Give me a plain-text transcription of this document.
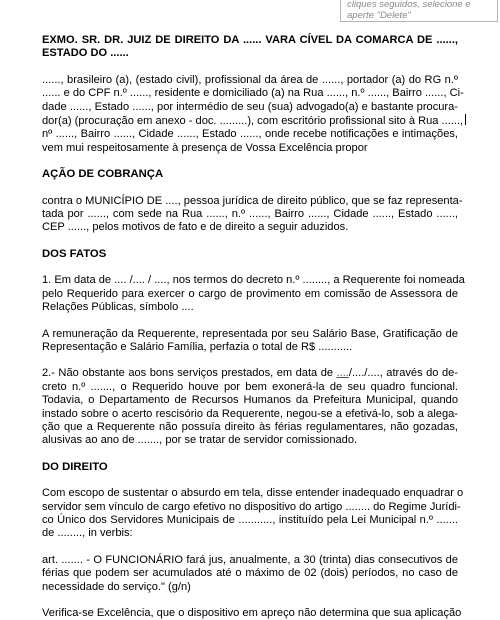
cliques seguidos, selecione e
aperte "Delete"
EXMO. SR. DR. JUIZ DE DIREITO DA ...... VARA CÍVEL DA COMARCA DE ......,
ESTADO DO ......
......, brasileiro (a), (estado civil), profissional da área de ......, portador (a) do RG n.º
...... e do CPF n.º ......, residente e domiciliado (a) na Rua ......, n.º ......, Bairro ......, Ci-
dade ......, Estado ......, por intermédio de seu (sua) advogado(a) e bastante procura-
dor(a) (procuração em anexo - doc. .........), com escritório profissional sito à Rua ......,
nº ......, Bairro ......, Cidade ......, Estado ......, onde recebe notificações e intimações,
vem mui respeitosamente à presença de Vossa Excelência propor

AÇÃO DE COBRANÇA

contra o MUNICÍPIO DE ...., pessoa jurídica de direito público, que se faz representa-
tada por ......, com sede na Rua ......, n.º ......, Bairro ......, Cidade ......, Estado ......,
CEP ......, pelos motivos de fato e de direito a seguir aduzidos.

DOS FATOS

1. Em data de .... /.... / ...., nos termos do decreto n.º ........, a Requerente foi nomeada
pelo Requerido para exercer o cargo de provimento em comissão de Assessora de
Relações Públicas, símbolo ....
A remuneração da Requerente, representada por seu Salário Base, Gratificação de
Representação e Salário Família, perfazia o total de R$ ...........
2.- Não obstante aos bons serviços prestados, em data de ..../..../...., através do de-
creto n.º ......., o Requerido houve por bem exonerá-la de seu quadro funcional.
Todavia, o Departamento de Recursos Humanos da Prefeitura Municipal, quando
instado sobre o acerto rescisório da Requerente, negou-se a efetivá-lo, sob a alega-
ção que a Requerente não possuía direito às férias regulamentares, não gozadas,
alusivas ao ano de ......., por se tratar de servidor comissionado.

DO DIREITO

Com escopo de sustentar o absurdo em tela, disse entender inadequado enquadrar o
servidor sem vínculo de cargo efetivo no dispositivo do artigo ........ do Regime Jurídi-
co Único dos Servidores Municipais de ..........., instituído pela Lei Municipal n.º .......
de ........, in verbis:
art. ....... - O FUNCIONÁRIO fará jus, anualmente, a 30 (trinta) dias consecutivos de
férias que podem ser acumulados até o máximo de 02 (dois) períodos, no caso de
necessidade do serviço." (g/n)
Verifica-se Excelência, que o dispositivo em apreço não determina que sua aplicação
